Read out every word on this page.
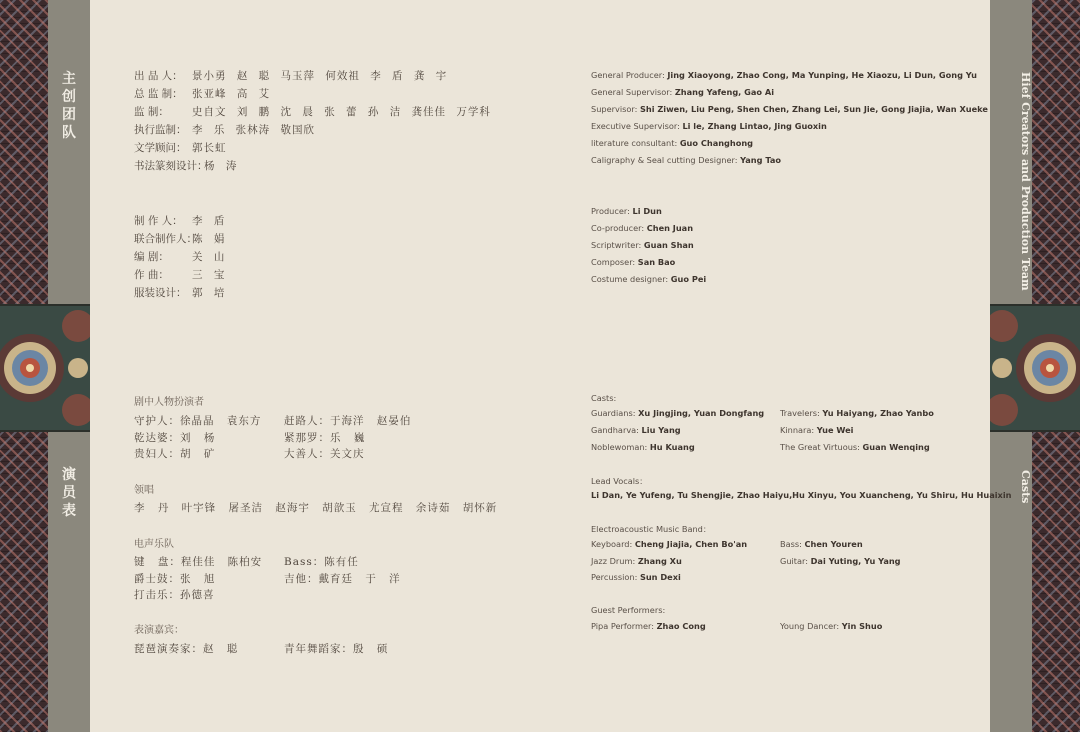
主
创
团
队
演
员
表
Hief Creators and Production Team
Casts
出 品 人： 景小勇 赵 聪 马玉萍 何效祖 李 盾 龚 宇
总 监 制： 张亚峰 高 艾
监 制： 史自文 刘 鹏 沈 晨 张 蕾 孙 洁 龚佳佳 万学科
执行监制： 李 乐 张林涛 敬国欣
文学顾问： 郭长虹
书法篆刻设计：杨 涛
制 作 人： 李 盾
联合制作人：陈 娟
编 剧： 关 山
作 曲： 三 宝
服装设计： 郭 培
剧中人物扮演者
守护人：徐晶晶 袁东方 赶路人：于海洋 赵晏伯
乾达婆：刘 杨	紧那罗：乐 巍
贵妇人：胡 矿	大善人：关文庆
领唱
李 丹 叶宇锋 屠圣洁 赵海宇 胡歆玉 尤宣程 余诗茹 胡怀新
电声乐队
键 盘：程佳佳 陈柏安 Bass：陈有任
爵士鼓：张 旭	吉他：戴育廷 于 洋
打击乐：孙德喜
表演嘉宾：
琵琶演奏家：赵 聪	青年舞蹈家：殷 硕
General Producer: Jing Xiaoyong, Zhao Cong, Ma Yunping, He Xiaozu, Li Dun, Gong Yu
General Supervisor: Zhang Yafeng, Gao Ai
Supervisor: Shi Ziwen, Liu Peng, Shen Chen, Zhang Lei, Sun Jie, Gong Jiajia, Wan Xueke
Executive Supervisor: Li le, Zhang Lintao, Jing Guoxin
literature consultant: Guo Changhong
Caligraphy & Seal cutting Designer: Yang Tao
Producer: Li Dun
Co-producer: Chen Juan
Scriptwriter: Guan Shan
Composer: San Bao
Costume designer: Guo Pei
Casts:
Guardians: Xu Jingjing, Yuan Dongfang Travelers: Yu Haiyang, Zhao Yanbo
Gandharva: Liu Yang	Kinnara: Yue Wei
Noblewoman: Hu Kuang	The Great Virtuous: Guan Wenqing
Lead Vocals：
Li Dan, Ye Yufeng, Tu Shengjie, Zhao Haiyu,Hu Xinyu, You Xuancheng, Yu Shiru, Hu Huaixin
Electroacoustic Music Band：
Keyboard: Cheng Jiajia, Chen Bo'an	Bass: Chen Youren
Jazz Drum: Zhang Xu	Guitar: Dai Yuting, Yu Yang
Percussion: Sun Dexi
Guest Performers:
Pipa Performer: Zhao Cong	Young Dancer: Yin Shuo
